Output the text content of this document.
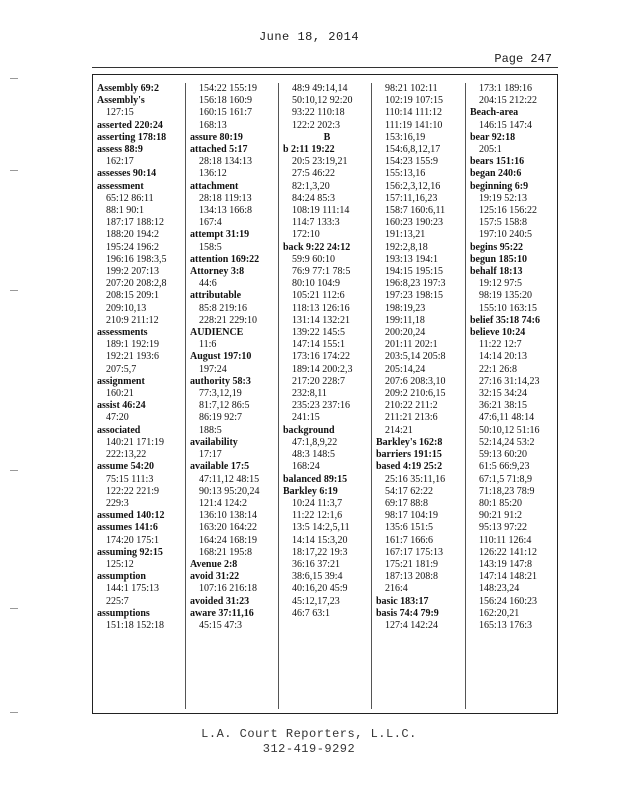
June 18, 2014
Page 247
Assembly 69:2
Assembly's
127:15
asserted 220:24
asserting 178:18
assess 88:9
162:17
assesses 90:14
assessment
65:12 86:11
88:1 90:1
187:17 188:12
188:20 194:2
195:24 196:2
196:16 198:3,5
199:2 207:13
207:20 208:2,8
208:15 209:1
209:10,13
210:9 211:12
assessments
189:1 192:19
192:21 193:6
207:5,7
assignment
160:21
assist 46:24
47:20
associated
140:21 171:19
222:13,22
assume 54:20
75:15 111:3
122:22 221:9
229:3
assumed 140:12
assumes 141:6
174:20 175:1
assuming 92:15
125:12
assumption
144:1 175:13
225:7
assumptions
151:18 152:18
154:22 155:19
156:18 160:9
160:15 161:7
168:13
assure 80:19
attached 5:17
28:18 134:13
136:12
attachment
28:18 119:13
134:13 166:8
167:4
attempt 31:19
158:5
attention 169:22
Attorney 3:8
44:6
attributable
85:8 219:16
228:21 229:10
AUDIENCE
11:6
August 197:10
197:24
authority 58:3
77:3,12,19
81:7,12 86:5
86:19 92:7
188:5
availability
17:17
available 17:5
47:11,12 48:15
90:13 95:20,24
121:4 124:2
136:10 138:14
163:20 164:22
164:24 168:19
168:21 195:8
Avenue 2:8
avoid 31:22
107:16 216:18
avoided 31:23
aware 37:11,16
45:15 47:3
48:9 49:14,14
50:10,12 92:20
93:22 110:18
122:2 202:3
B
b 2:11 19:22
20:5 23:19,21
27:5 46:22
82:1,3,20
84:24 85:3
108:19 111:14
114:7 133:3
172:10
back 9:22 24:12
59:9 60:10
76:9 77:1 78:5
80:10 104:9
105:21 112:6
118:13 126:16
131:14 132:21
139:22 145:5
147:14 155:1
173:16 174:22
189:14 200:2,3
217:20 228:7
232:8,11
235:23 237:16
241:15
background
47:1,8,9,22
48:3 148:5
168:24
balanced 89:15
Barkley 6:19
10:24 11:3,7
11:22 12:1,6
13:5 14:2,5,11
14:14 15:3,20
18:17,22 19:3
36:16 37:21
38:6,15 39:4
40:16,20 45:9
45:12,17,23
46:7 63:1
98:21 102:11
102:19 107:15
110:14 111:12
111:19 141:10
153:16,19
154:6,8,12,17
154:23 155:9
155:13,16
156:2,3,12,16
157:11,16,23
158:7 160:6,11
160:23 190:23
191:13,21
192:2,8,18
193:13 194:1
194:15 195:15
196:8,23 197:3
197:23 198:15
198:19,23
199:11,18
200:20,24
201:11 202:1
203:5,14 205:8
205:14,24
207:6 208:3,10
209:2 210:6,15
210:22 211:2
211:21 213:6
214:21
Barkley's 162:8
barriers 191:15
based 4:19 25:2
25:16 35:11,16
54:17 62:22
69:17 88:8
98:17 104:19
135:6 151:5
161:7 166:6
167:17 175:13
175:21 181:9
187:13 208:8
216:4
basic 183:17
basis 74:4 79:9
127:4 142:24
173:1 189:16
204:15 212:22
Beach-area
146:15 147:4
bear 92:18
205:1
bears 151:16
began 240:6
beginning 6:9
19:19 52:13
125:16 156:22
157:5 158:8
197:10 240:5
begins 95:22
begun 185:10
behalf 18:13
19:12 97:5
98:19 135:20
155:10 163:15
belief 35:18 74:6
believe 10:24
11:22 12:7
14:14 20:13
22:1 26:8
27:16 31:14,23
32:15 34:24
36:21 38:15
47:6,11 48:14
50:10,12 51:16
52:14,24 53:2
59:13 60:20
61:5 66:9,23
67:1,5 71:8,9
71:18,23 78:9
80:1 85:20
90:21 91:2
95:13 97:22
110:11 126:4
126:22 141:12
143:19 147:8
147:14 148:21
148:23,24
156:24 160:23
162:20,21
165:13 176:3
L.A. Court Reporters, L.L.C.
312-419-9292
